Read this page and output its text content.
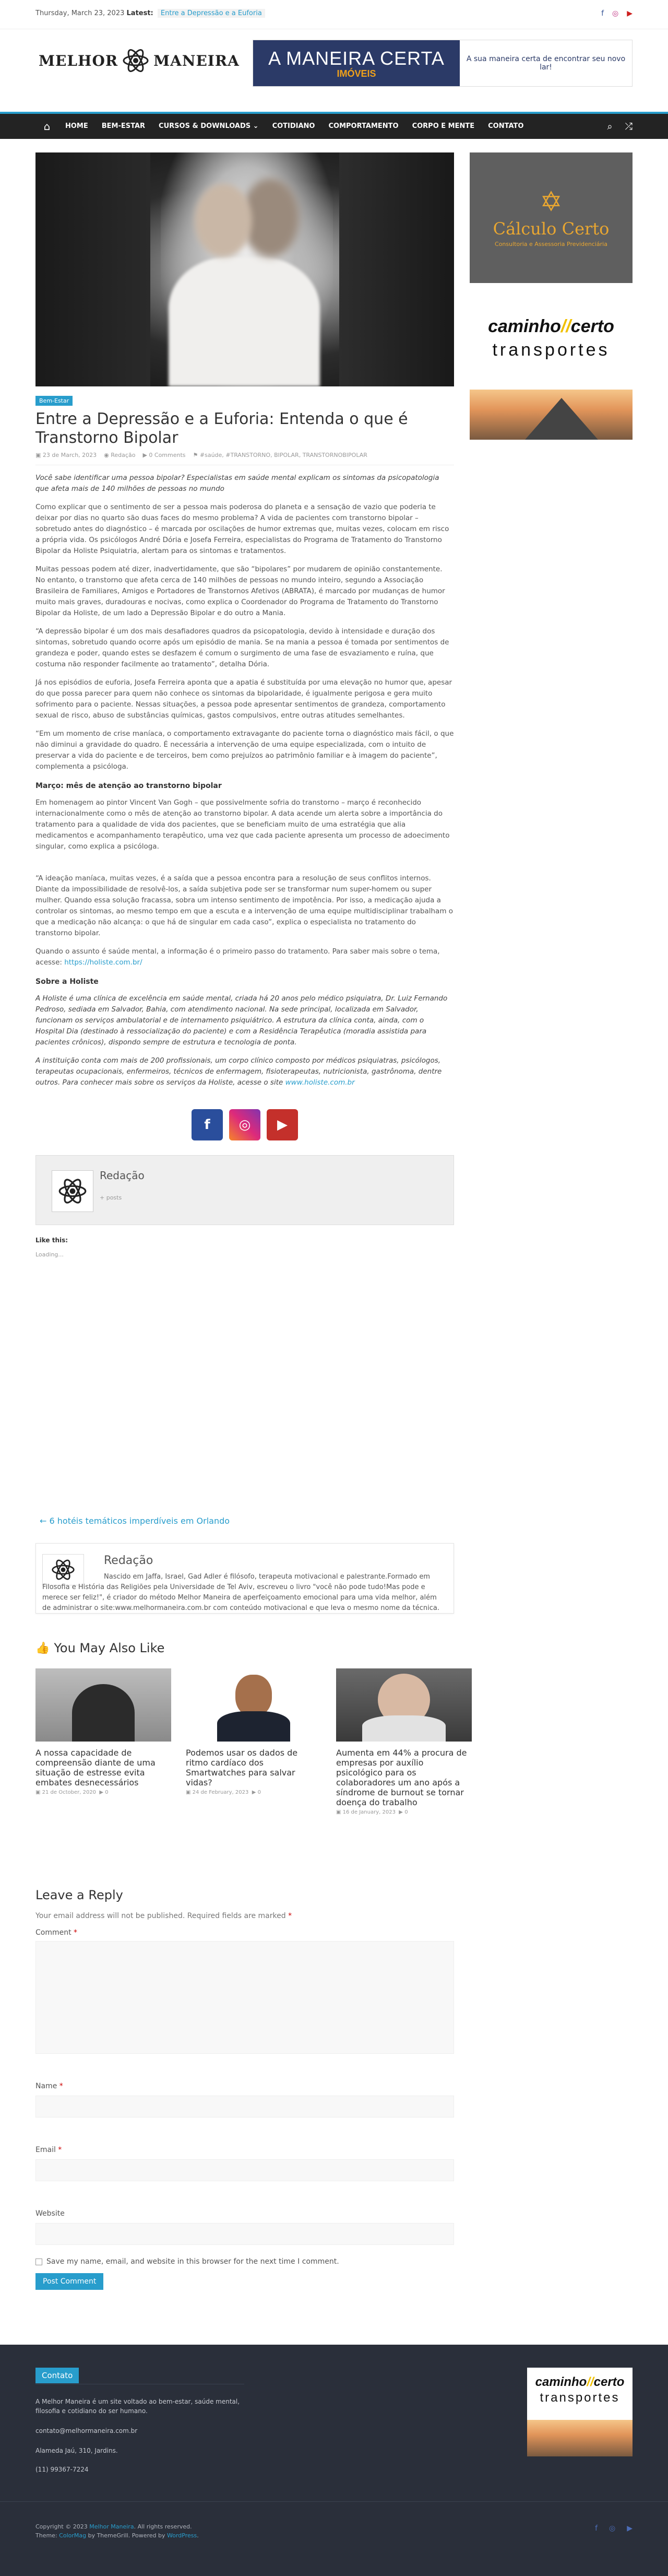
Thursday, March 23, 2023 Latest: Entre a Depressão e a Euforia	f ◎ ▶
MELHOR MANEIRA A MANEIRA CERTA
IMÓVEIS
A sua maneira certa de encontrar seu novo lar!
⌂	HOME	BEM-ESTAR	CURSOS & DOWNLOADS ⌄	COTIDIANO	COMPORTAMENTO	CORPO E MENTE	CONTATO	⌕ ⤮
Bem-Estar
Entre a Depressão e a Euforia: Entenda o que é Transtorno Bipolar
▣ 23 de March, 2023 ◉ Redação ▶ 0 Comments ⚑ #saúde, #TRANSTORNO, BIPOLAR, TRANSTORNOBIPOLAR

Você sabe identificar uma pessoa bipolar? Especialistas em saúde mental explicam os sintomas da psicopatologia que afeta mais de 140 milhões de pessoas no mundo

Como explicar que o sentimento de ser a pessoa mais poderosa do planeta e a sensação de vazio que poderia te deixar por dias no quarto são duas faces do mesmo problema? A vida de pacientes com transtorno bipolar – sobretudo antes do diagnóstico – é marcada por oscilações de humor extremas que, muitas vezes, colocam em risco a própria vida. Os psicólogos André Dória e Josefa Ferreira, especialistas do Programa de Tratamento do Transtorno Bipolar da Holiste Psiquiatria, alertam para os sintomas e tratamentos.

Muitas pessoas podem até dizer, inadvertidamente, que são “bipolares” por mudarem de opinião constantemente. No entanto, o transtorno que afeta cerca de 140 milhões de pessoas no mundo inteiro, segundo a Associação Brasileira de Familiares, Amigos e Portadores de Transtornos Afetivos (ABRATA), é marcado por mudanças de humor muito mais graves, duradouras e nocivas, como explica o Coordenador do Programa de Tratamento do Transtorno Bipolar da Holiste, de um lado a Depressão Bipolar e do outro a Mania.

“A depressão bipolar é um dos mais desafiadores quadros da psicopatologia, devido à intensidade e duração dos sintomas, sobretudo quando ocorre após um episódio de mania. Se na mania a pessoa é tomada por sentimentos de grandeza e poder, quando estes se desfazem é comum o surgimento de uma fase de esvaziamento e ruína, que costuma não responder facilmente ao tratamento”, detalha Dória.

Já nos episódios de euforia, Josefa Ferreira aponta que a apatia é substituída por uma elevação no humor que, apesar do que possa parecer para quem não conhece os sintomas da bipolaridade, é igualmente perigosa e gera muito sofrimento para o paciente. Nessas situações, a pessoa pode apresentar sentimentos de grandeza, comportamento sexual de risco, abuso de substâncias químicas, gastos compulsivos, entre outras atitudes semelhantes.

“Em um momento de crise maníaca, o comportamento extravagante do paciente torna o diagnóstico mais fácil, o que não diminui a gravidade do quadro. É necessária a intervenção de uma equipe especializada, com o intuito de preservar a vida do paciente e de terceiros, bem como prejuízos ao patrimônio familiar e à imagem do paciente”, complementa a psicóloga.

Março: mês de atenção ao transtorno bipolar

Em homenagem ao pintor Vincent Van Gogh – que possivelmente sofria do transtorno – março é reconhecido internacionalmente como o mês de atenção ao transtorno bipolar. A data acende um alerta sobre a importância do tratamento para a qualidade de vida dos pacientes, que se beneficiam muito de uma estratégia que alia medicamentos e acompanhamento terapêutico, uma vez que cada paciente apresenta um processo de adoecimento singular, como explica a psicóloga.

“A ideação maníaca, muitas vezes, é a saída que a pessoa encontra para a resolução de seus conflitos internos. Diante da impossibilidade de resolvê-los, a saída subjetiva pode ser se transformar num super-homem ou super mulher. Quando essa solução fracassa, sobra um intenso sentimento de impotência. Por isso, a medicação ajuda a controlar os sintomas, ao mesmo tempo em que a escuta e a intervenção de uma equipe multidisciplinar trabalham o que a medicação não alcança: o que há de singular em cada caso”, explica o especialista no tratamento do transtorno bipolar.

Quando o assunto é saúde mental, a informação é o primeiro passo do tratamento. Para saber mais sobre o tema, acesse: https://holiste.com.br/

Sobre a Holiste

A Holiste é uma clínica de excelência em saúde mental, criada há 20 anos pelo médico psiquiatra, Dr. Luiz Fernando Pedroso, sediada em Salvador, Bahia, com atendimento nacional. Na sede principal, localizada em Salvador, funcionam os serviços ambulatorial e de internamento psiquiátrico. A estrutura da clínica conta, ainda, com o Hospital Dia (destinado à ressocialização do paciente) e com a Residência Terapêutica (moradia assistida para pacientes crônicos), dispondo sempre de estrutura e tecnologia de ponta.

A instituição conta com mais de 200 profissionais, um corpo clínico composto por médicos psiquiatras, psicólogos, terapeutas ocupacionais, enfermeiros, técnicos de enfermagem, fisioterapeutas, nutricionista, gastrônoma, dentre outros. Para conhecer mais sobre os serviços da Holiste, acesse o site www.holiste.com.br

f	◎	▶
Redação
+ posts
Like this:
Loading...
← 6 hotéis temáticos imperdíveis em Orlando
Redação
Nascido em Jaffa, Israel, Gad Adler é filósofo, terapeuta motivacional e palestrante.Formado em Filosofia e História das Religiões pela Universidade de Tel Aviv, escreveu o livro "você não pode tudo!Mas pode e merece ser feliz!", é criador do método Melhor Maneira de aperfeiçoamento emocional para uma vida melhor, além de administrar o site:www.melhormaneira.com.br com conteúdo motivacional e que leva o mesmo nome da técnica.
👍 You May Also Like
A nossa capacidade de compreensão diante de uma situação de estresse evita embates desnecessários
▣ 21 de October, 2020  ▶ 0
Podemos usar os dados de ritmo cardíaco dos Smartwatches para salvar vidas?
▣ 24 de February, 2023  ▶ 0
Aumenta em 44% a procura de empresas por auxílio psicológico para os colaboradores um ano após a síndrome de burnout se tornar doença do trabalho
▣ 16 de January, 2023  ▶ 0
Leave a Reply
Your email address will not be published. Required fields are marked *
Comment *
Name *
Email *
Website
Save my name, email, and website in this browser for the next time I comment.
Post Comment
✡
Cálculo Certo
Consultoria e Assessoria Previdenciária
caminho//certo
transportes
Contato
A Melhor Maneira é um site voltado ao bem-estar, saúde mental, filosofia e cotidiano do ser humano.
contato@melhormaneira.com.br
Alameda Jaú, 310, Jardins.
(11) 99367-7224
caminho//certo
transportes
Copyright © 2023 Melhor Maneira. All rights reserved.
Theme: ColorMag by ThemeGrill. Powered by WordPress.
f ◎ ▶
